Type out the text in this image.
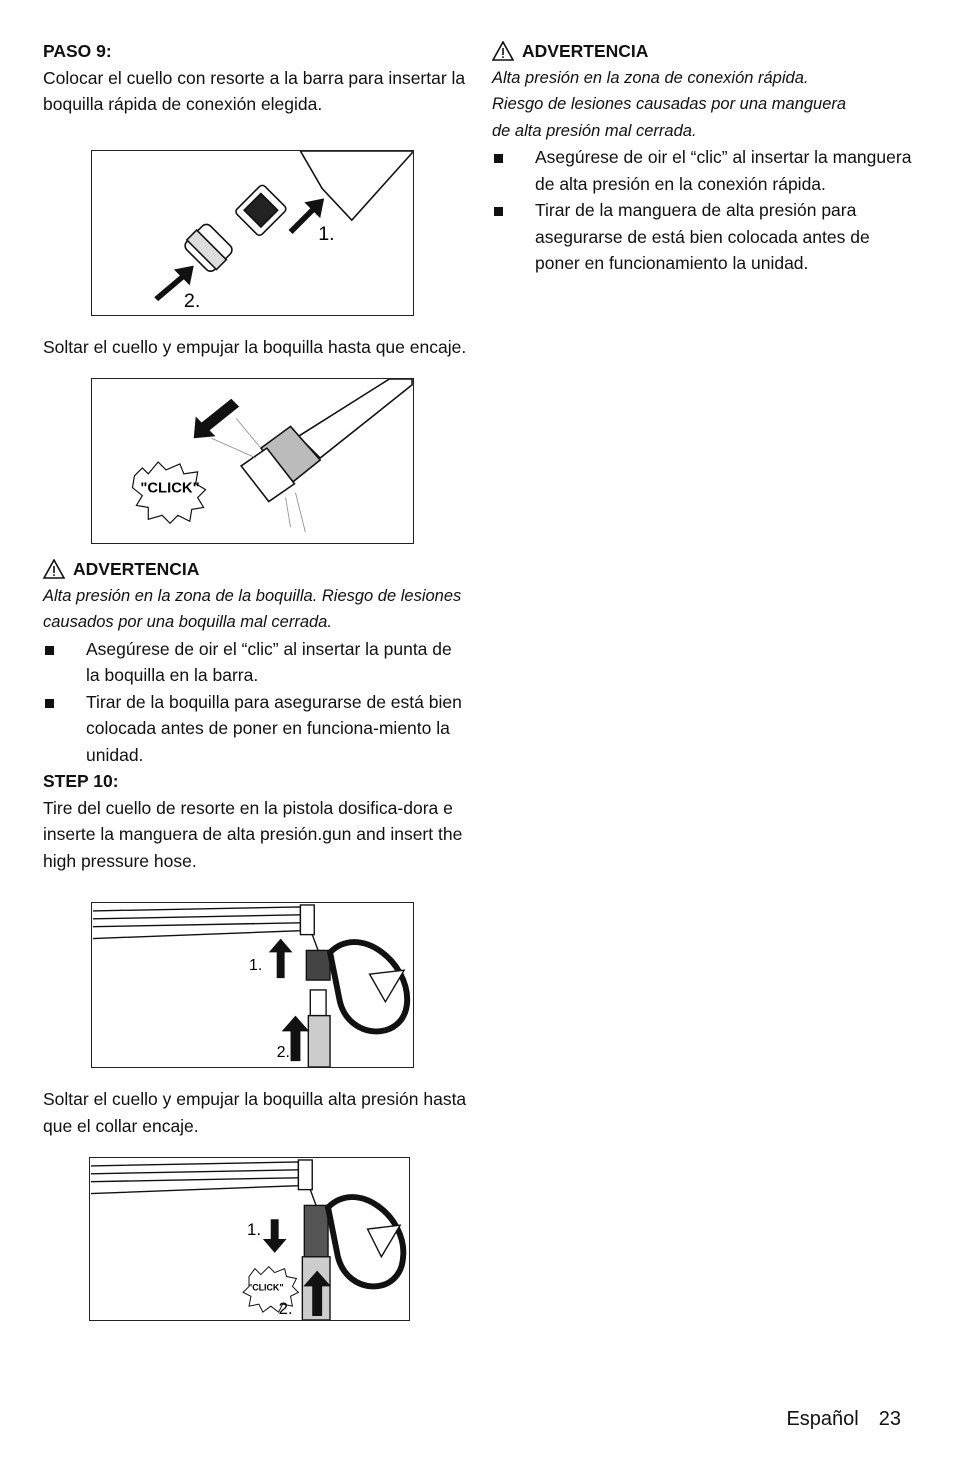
PASO 9:

Colocar el cuello con resorte a la barra para insertar la boquilla rápida de conexión elegida.

1.
2.

Soltar el cuello y empujar la boquilla hasta que encaje.

"CLICK"
ADVERTENCIA

Alta presión en la zona de la boquilla. Riesgo de lesiones causados por una boquilla mal cerrada.

Asegúrese de oir el “clic” al insertar la punta de la boquilla en la barra.
Tirar de la boquilla para asegurarse de está bien colocada antes de poner en funciona-miento la unidad.
STEP 10:

Tire del cuello de resorte en la pistola dosifica-dora e inserte la manguera de alta presión.gun and insert the high pressure hose.

1.
2.

Soltar el cuello y empujar la boquilla alta presión hasta que el collar encaje.

"CLICK"
1.
2.
ADVERTENCIA

Alta presión en la zona de conexión rápida. Riesgo de lesiones causadas por una manguera de alta presión mal cerrada.

Asegúrese de oir el “clic” al insertar la manguera de alta presión en la conexión rápida.
Tirar de la manguera de alta presión para asegurarse de está bien colocada antes de poner en funcionamiento la unidad.
Español 23
